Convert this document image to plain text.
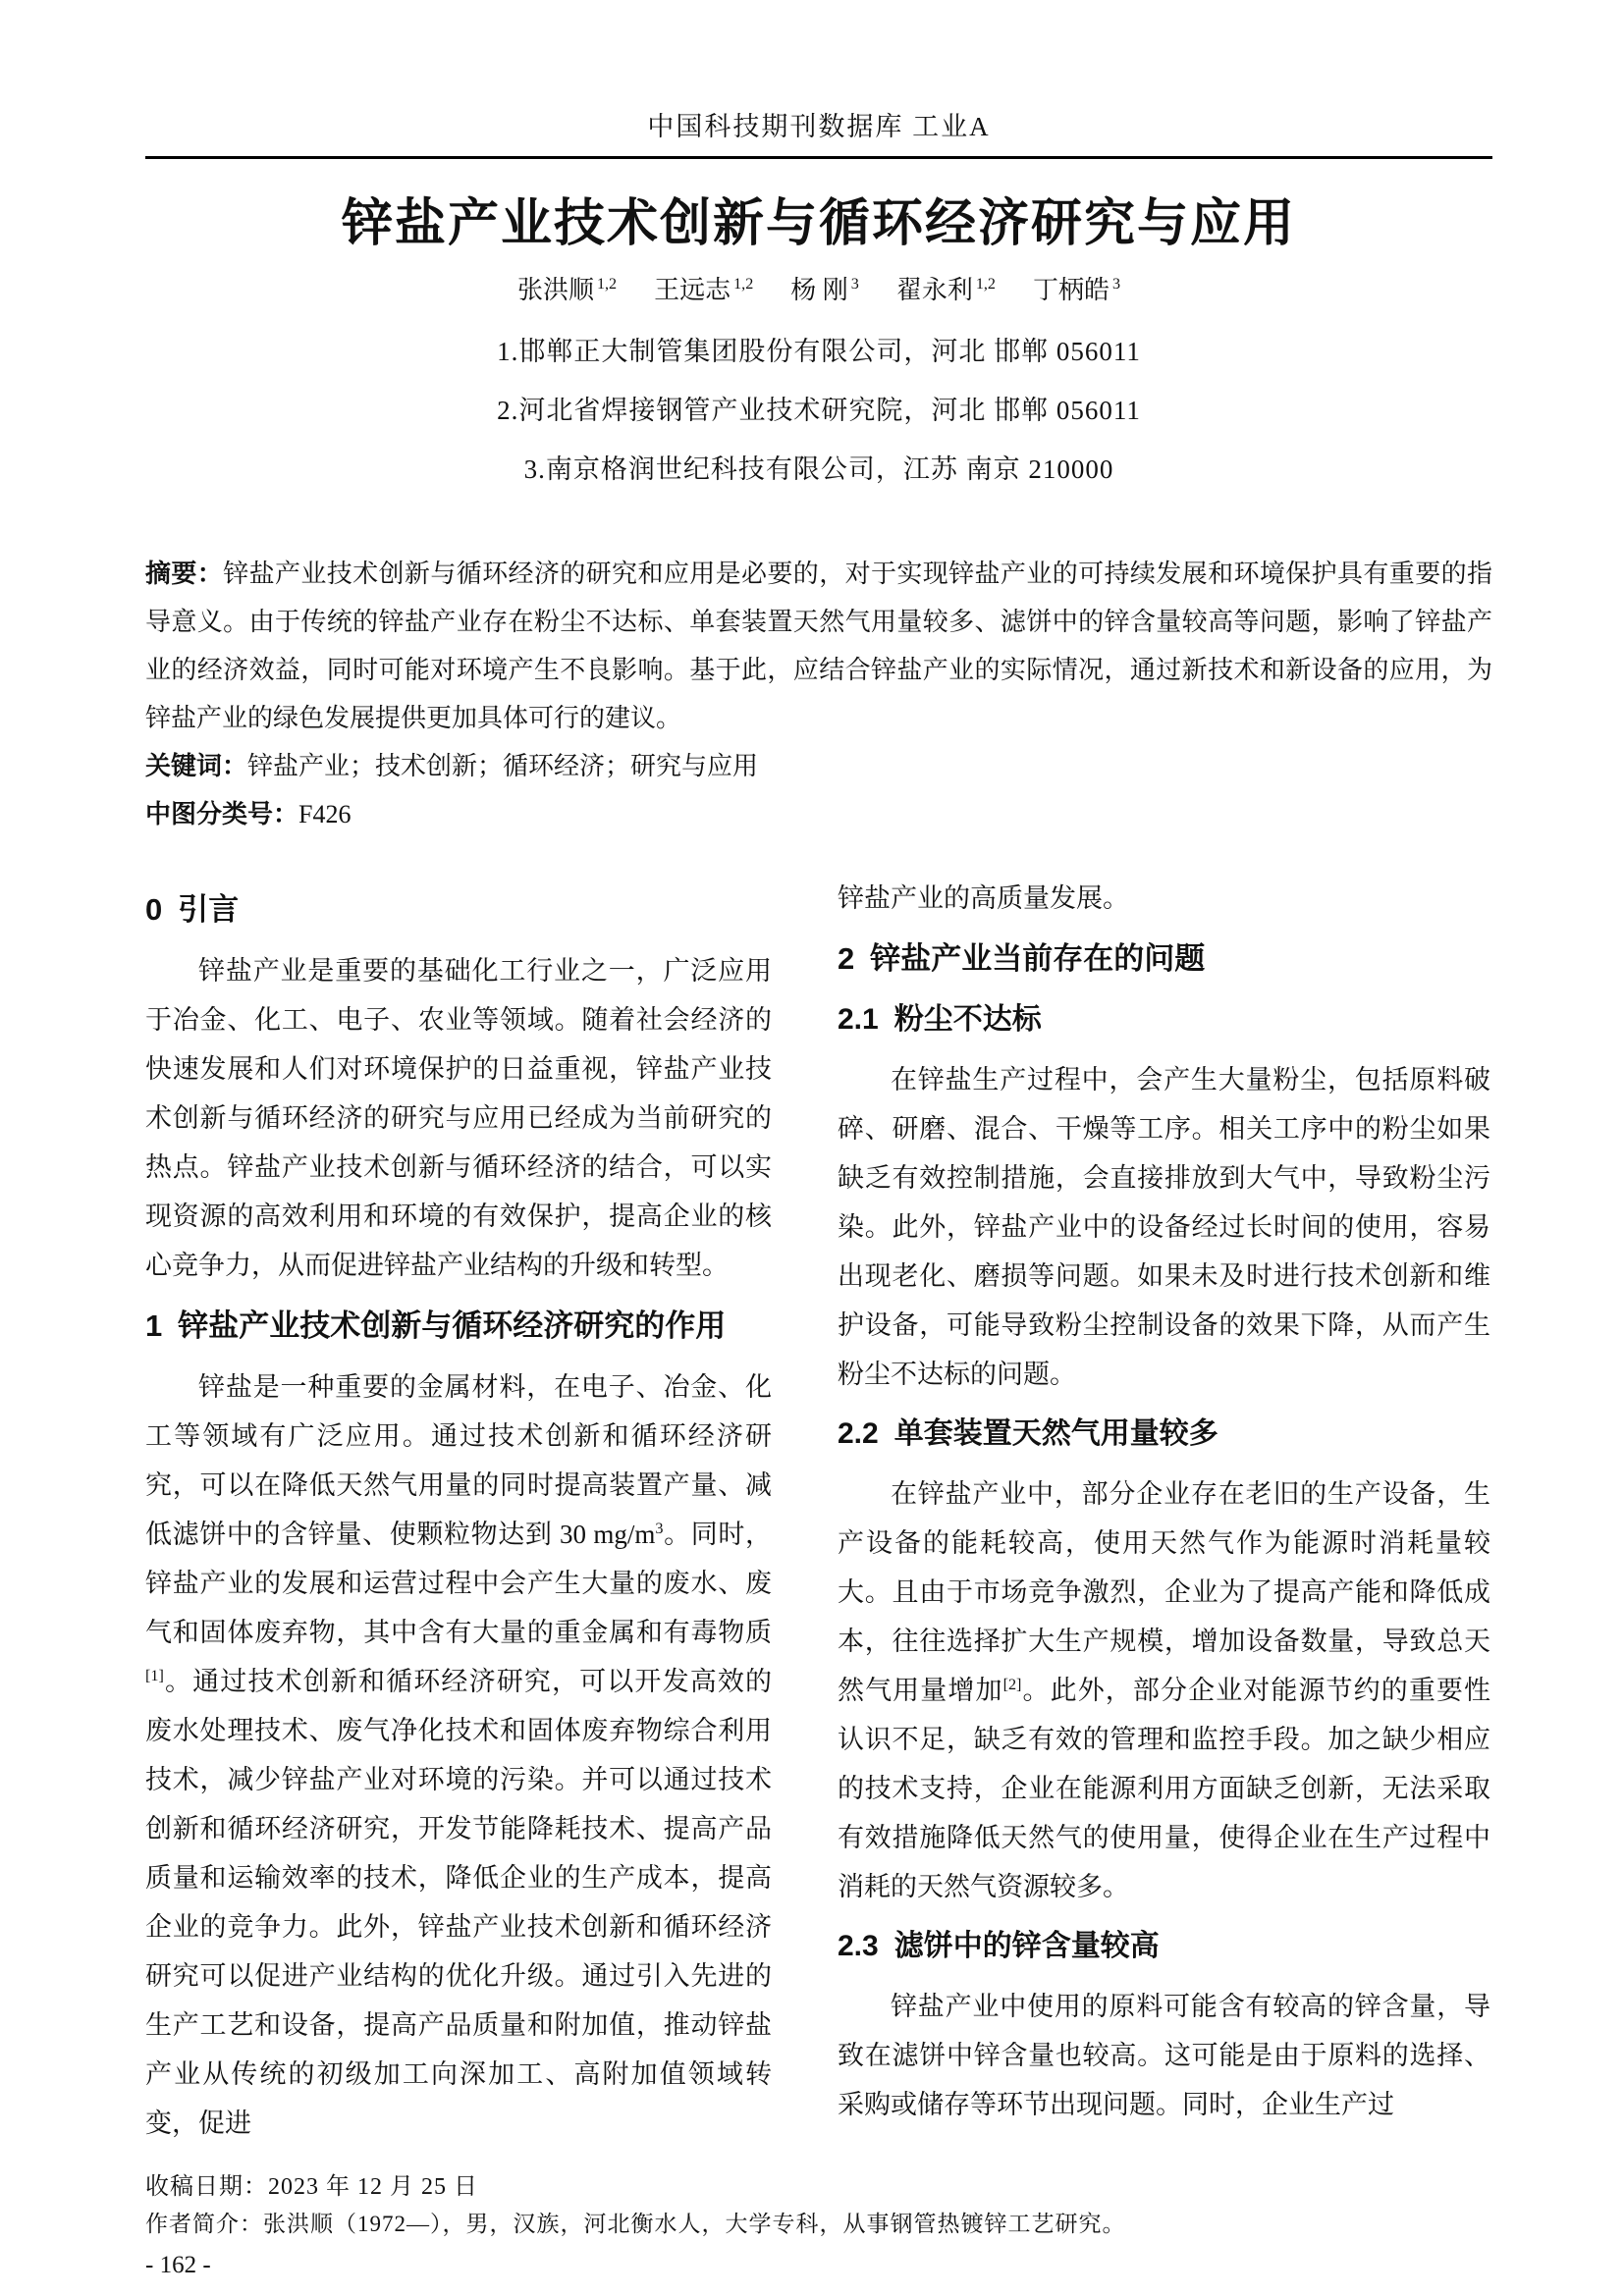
中国科技期刊数据库 工业A
锌盐产业技术创新与循环经济研究与应用
张洪顺 $^{1,2}$ 王远志 $^{1,2}$ 杨 刚 $^3$ 翟永利 $^{1,2}$ 丁柄皓 $^3$
1.邯郸正大制管集团股份有限公司，河北 邯郸 056011
2.河北省焊接钢管产业技术研究院，河北 邯郸 056011
3.南京格润世纪科技有限公司，江苏 南京 210000

摘要：锌盐产业技术创新与循环经济的研究和应用是必要的，对于实现锌盐产业的可持续发展和环境保护具有重要的指导意义。由于传统的锌盐产业存在粉尘不达标、单套装置天然气用量较多、滤饼中的锌含量较高等问题，影响了锌盐产业的经济效益，同时可能对环境产生不良影响。基于此，应结合锌盐产业的实际情况，通过新技术和新设备的应用，为锌盐产业的绿色发展提供更加具体可行的建议。

关键词：锌盐产业；技术创新；循环经济；研究与应用

中图分类号：F426

0 引言
锌盐产业是重要的基础化工行业之一，广泛应用于冶金、化工、电子、农业等领域。随着社会经济的快速发展和人们对环境保护的日益重视，锌盐产业技术创新与循环经济的研究与应用已经成为当前研究的热点。锌盐产业技术创新与循环经济的结合，可以实现资源的高效利用和环境的有效保护，提高企业的核心竞争力，从而促进锌盐产业结构的升级和转型。
1 锌盐产业技术创新与循环经济研究的作用
锌盐是一种重要的金属材料，在电子、冶金、化工等领域有广泛应用。通过技术创新和循环经济研究，可以在降低天然气用量的同时提高装置产量、减低滤饼中的含锌量、使颗粒物达到 30 $mg/m^3$。同时，锌盐产业的发展和运营过程中会产生大量的废水、废气和固体废弃物，其中含有大量的重金属和有毒物质[1]。通过技术创新和循环经济研究，可以开发高效的废水处理技术、废气净化技术和固体废弃物综合利用技术，减少锌盐产业对环境的污染。并可以通过技术创新和循环经济研究，开发节能降耗技术、提高产品质量和运输效率的技术，降低企业的生产成本，提高企业的竞争力。此外，锌盐产业技术创新和循环经济研究可以促进产业结构的优化升级。通过引入先进的生产工艺和设备，提高产品质量和附加值，推动锌盐产业从传统的初级加工向深加工、高附加值领域转变，促进
锌盐产业的高质量发展。
2 锌盐产业当前存在的问题
2.1 粉尘不达标
在锌盐生产过程中，会产生大量粉尘，包括原料破碎、研磨、混合、干燥等工序。相关工序中的粉尘如果缺乏有效控制措施，会直接排放到大气中，导致粉尘污染。此外，锌盐产业中的设备经过长时间的使用，容易出现老化、磨损等问题。如果未及时进行技术创新和维护设备，可能导致粉尘控制设备的效果下降，从而产生粉尘不达标的问题。
2.2 单套装置天然气用量较多
在锌盐产业中，部分企业存在老旧的生产设备，生产设备的能耗较高，使用天然气作为能源时消耗量较大。且由于市场竞争激烈，企业为了提高产能和降低成本，往往选择扩大生产规模，增加设备数量，导致总天然气用量增加[2]。此外，部分企业对能源节约的重要性认识不足，缺乏有效的管理和监控手段。加之缺少相应的技术支持，企业在能源利用方面缺乏创新，无法采取有效措施降低天然气的使用量，使得企业在生产过程中消耗的天然气资源较多。
2.3 滤饼中的锌含量较高
锌盐产业中使用的原料可能含有较高的锌含量，导致在滤饼中锌含量也较高。这可能是由于原料的选择、采购或储存等环节出现问题。同时，企业生产过
收稿日期：2023 年 12 月 25 日
作者简介：张洪顺（1972—），男，汉族，河北衡水人，大学专科，从事钢管热镀锌工艺研究。
- 162 -
